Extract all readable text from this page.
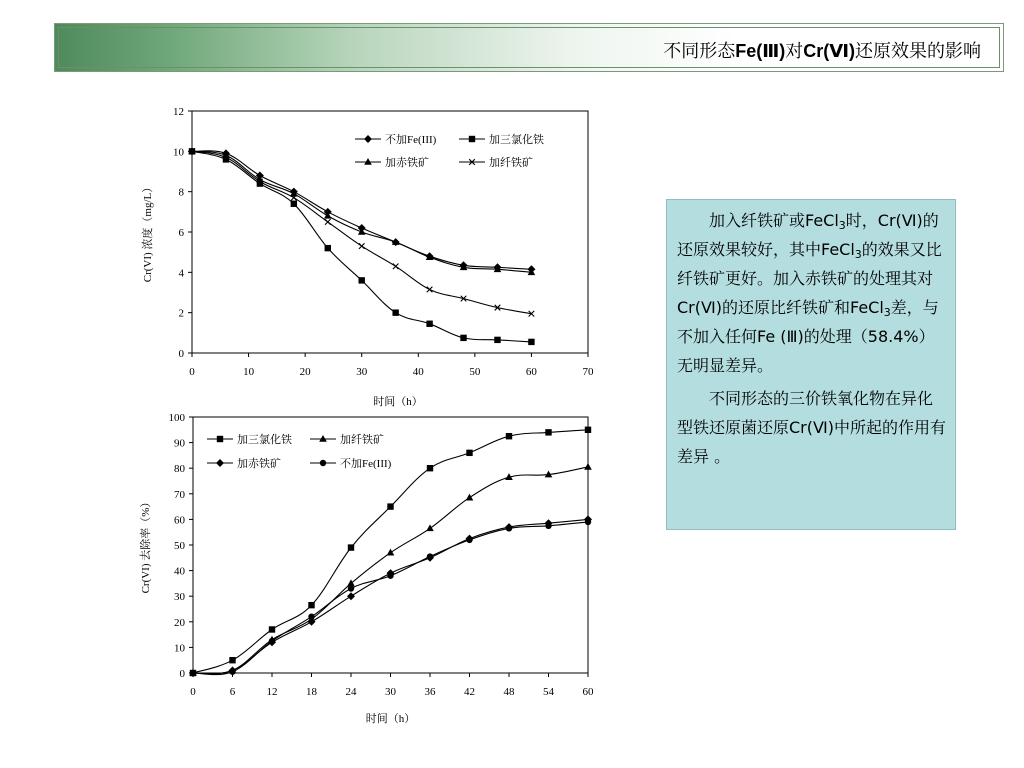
不同形态Fe(Ⅲ)对Cr(Ⅵ)还原效果的影响
0
2
4
6
8
10
12
0	10	20	30	40	50	60	70
时间（h）
Cr(VI) 浓度（mg/L）
不加Fe(III)	加三氯化铁
加赤铁矿	加纤铁矿
0
10
20
30
40
50
60
70
80
90
100
0	6	12	18	24	30	36	42	48	54	60
时间（h）
Cr(VI) 去除率（%）
加三氯化铁	加纤铁矿
加赤铁矿	不加Fe(III)

加入纤铁矿或FeCl$_3$时，Cr(Ⅵ)的还原效果较好，其中FeCl$_3$的效果又比纤铁矿更好。加入赤铁矿的处理其对Cr(Ⅵ)的还原比纤铁矿和FeCl$_3$差，与不加入任何Fe (Ⅲ)的处理（58.4%）无明显差异。

不同形态的三价铁氧化物在异化型铁还原菌还原Cr(Ⅵ)中所起的作用有差异 。
